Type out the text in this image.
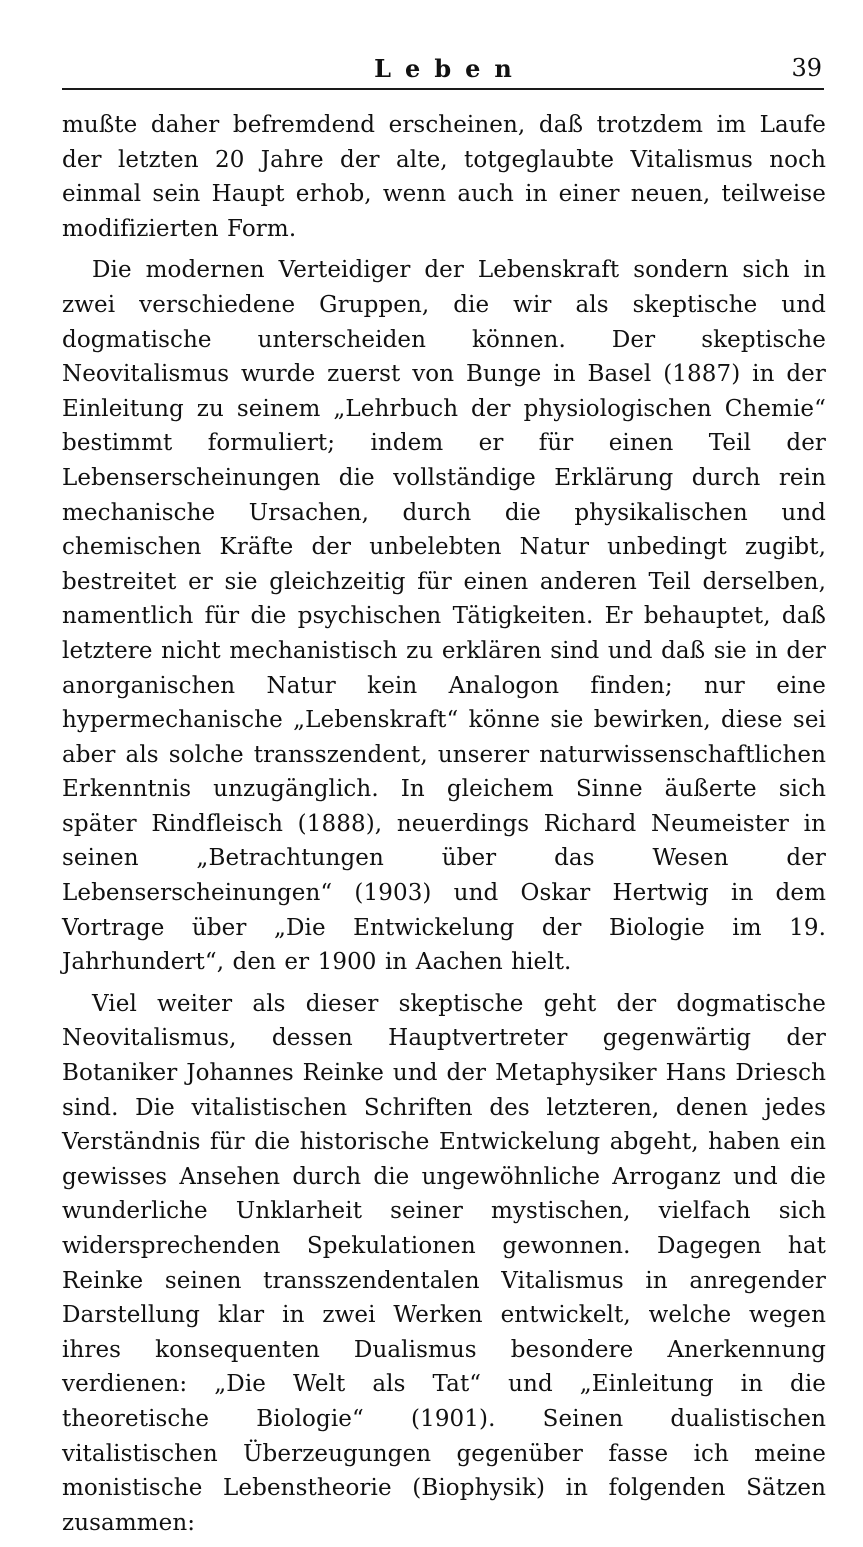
Leben	39

mußte daher befremdend erscheinen, daß trotzdem im Laufe der letzten 20 Jahre der alte, totgeglaubte Vitalismus noch einmal sein Haupt erhob, wenn auch in einer neuen, teilweise modifizierten Form.

Die modernen Verteidiger der Lebenskraft sondern sich in zwei verschiedene Gruppen, die wir als skeptische und dogmatische unterscheiden können. Der skeptische Neovitalismus wurde zuerst von Bunge in Basel (1887) in der Einleitung zu seinem „Lehrbuch der physiologischen Chemie“ bestimmt formuliert; indem er für einen Teil der Lebenserscheinungen die vollständige Erklärung durch rein mechanische Ursachen, durch die physikalischen und chemischen Kräfte der unbelebten Natur unbedingt zugibt, bestreitet er sie gleichzeitig für einen anderen Teil derselben, namentlich für die psychischen Tätigkeiten. Er behauptet, daß letztere nicht mechanistisch zu erklären sind und daß sie in der anorganischen Natur kein Analogon finden; nur eine hypermechanische „Lebenskraft“ könne sie bewirken, diese sei aber als solche transszendent, unserer naturwissenschaftlichen Erkenntnis unzugänglich. In gleichem Sinne äußerte sich später Rindfleisch (1888), neuerdings Richard Neumeister in seinen „Betrachtungen über das Wesen der Lebenserscheinungen“ (1903) und Oskar Hertwig in dem Vortrage über „Die Entwickelung der Biologie im 19. Jahrhundert“, den er 1900 in Aachen hielt.

Viel weiter als dieser skeptische geht der dogmatische Neovitalismus, dessen Hauptvertreter gegenwärtig der Botaniker Johannes Reinke und der Metaphysiker Hans Driesch sind. Die vitalistischen Schriften des letzteren, denen jedes Verständnis für die historische Entwickelung abgeht, haben ein gewisses Ansehen durch die ungewöhnliche Arroganz und die wunderliche Unklarheit seiner mystischen, vielfach sich widersprechenden Spekulationen gewonnen. Dagegen hat Reinke seinen transszendentalen Vitalismus in anregender Darstellung klar in zwei Werken entwickelt, welche wegen ihres konsequenten Dualismus besondere Anerkennung verdienen: „Die Welt als Tat“ und „Einleitung in die theoretische Biologie“ (1901). Seinen dualistischen vitalistischen Überzeugungen gegenüber fasse ich meine monistische Lebenstheorie (Biophysik) in folgenden Sätzen zusammen:
